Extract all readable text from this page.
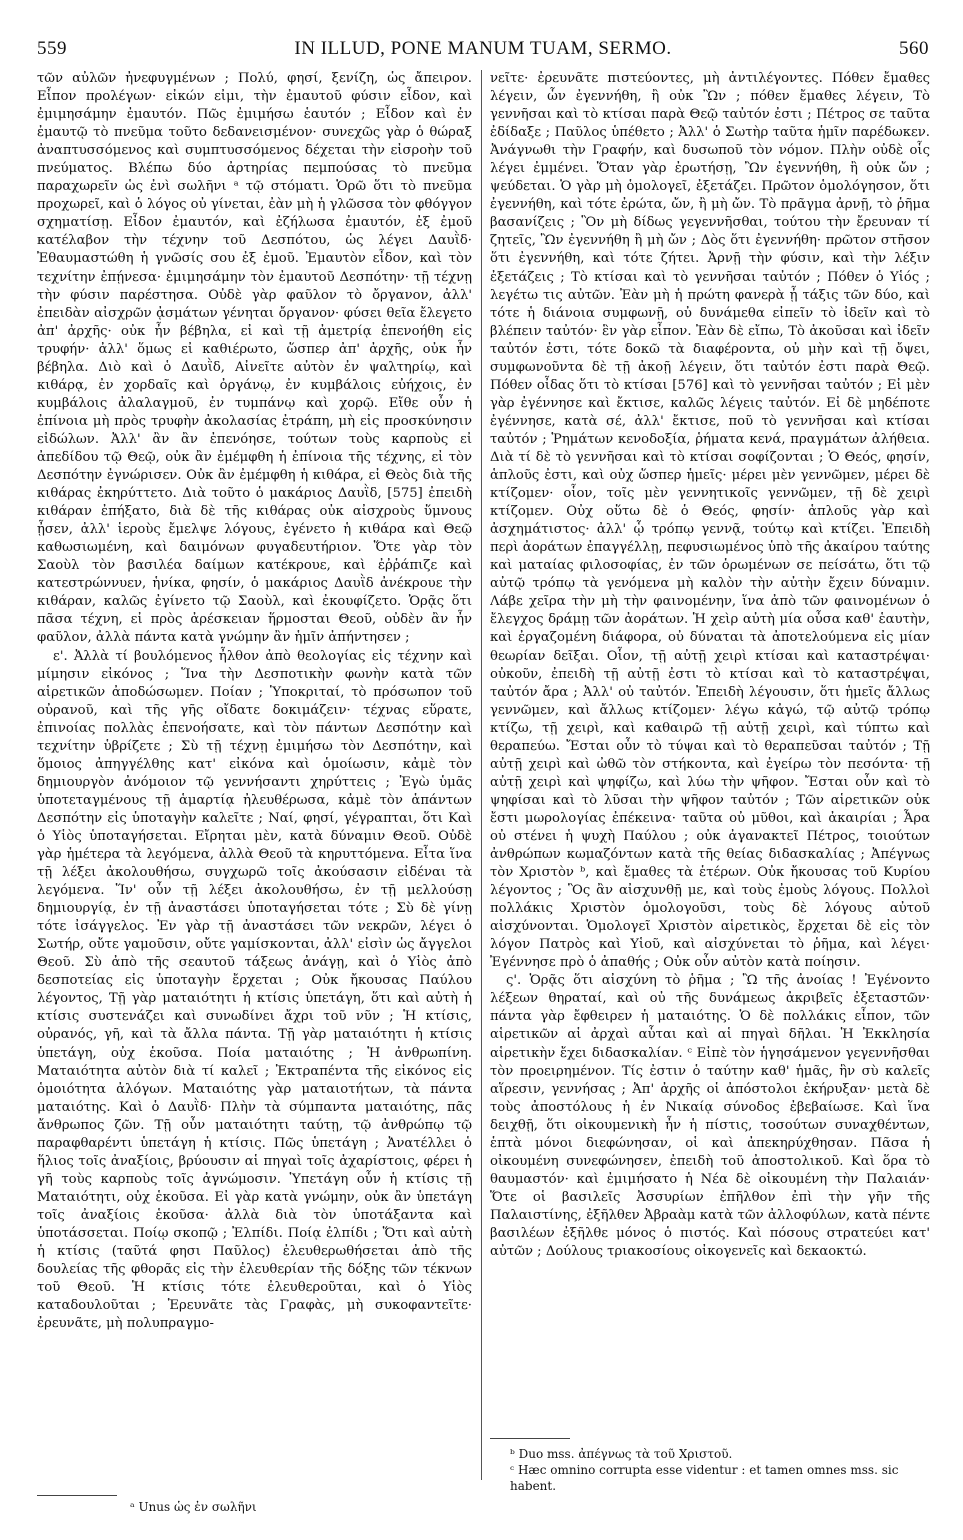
559	IN ILLUD, PONE MANUM TUAM, SERMO.	560

τῶν αὐλῶν ἠνεφυγμένων ; Πολύ, φησί, ξενίζη, ὡς ἄπειρον. Εἶπον προλέγων· εἰκών εἰμι, τὴν ἐμαυτοῦ φύσιν εἶδον, καὶ ἐμιμησάμην ἐμαυτόν. Πῶς ἐμιμήσω ἑαυτόν ; Εἶδον καὶ ἐν ἐμαυτῷ τὸ πνεῦμα τοῦτο δεδανεισμένον· συνεχῶς γὰρ ὁ θώραξ ἀναπτυσσόμενος καὶ συμπτυσσόμενος δέχεται τὴν εἰσροὴν τοῦ πνεύματος. Βλέπω δύο ἀρτηρίας πεμπούσας τὸ πνεῦμα παραχωρεῖν ὡς ἐνὶ σωλῆνι ᵃ τῷ στόματι. Ὁρῶ ὅτι τὸ πνεῦμα προχωρεῖ, καὶ ὁ λόγος οὐ γίνεται, ἐὰν μὴ ἡ γλῶσσα τὸν φθόγγον σχηματίσῃ. Εἶδον ἐμαυτόν, καὶ ἐζήλωσα ἐμαυτόν, ἐξ ἐμοῦ κατέλαβον τὴν τέχνην τοῦ Δεσπότου, ὡς λέγει Δαυῒδ· Ἐθαυμαστώθη ἡ γνῶσίς σου ἐξ ἐμοῦ. Ἐμαυτὸν εἶδον, καὶ τὸν τεχνίτην ἐπῄνεσα· ἐμιμησάμην τὸν ἐμαυτοῦ Δεσπότην· τῇ τέχνῃ τὴν φύσιν παρέστησα. Οὐδὲ γὰρ φαῦλον τὸ ὄργανον, ἀλλ' ἐπειδὰν αἰσχρῶν ᾀσμάτων γένηται ὄργανον· φύσει θεῖα ἔλεγετο ἀπ' ἀρχῆς· οὐκ ἦν βέβηλα, εἰ καὶ τῇ ἀμετρίᾳ ἐπενοήθη εἰς τρυφήν· ἀλλ' ὅμως εἰ καθιέρωτο, ὥσπερ ἀπ' ἀρχῆς, οὐκ ἦν βέβηλα. Διὸ καὶ ὁ Δαυῒδ, Αἰνεῖτε αὐτὸν ἐν ψαλτηρίῳ, καὶ κιθάρᾳ, ἐν χορδαῖς καὶ ὀργάνῳ, ἐν κυμβάλοις εὐήχοις, ἐν κυμβάλοις ἀλαλαγμοῦ, ἐν τυμπάνῳ καὶ χορῷ. Εἴθε οὖν ἡ ἐπίνοια μὴ πρὸς τρυφὴν ἀκολασίας ἐτράπη, μὴ εἰς προσκύνησιν εἰδώλων. Ἀλλ' ἂν ἂν ἐπενόησε, τούτων τοὺς καρποὺς εἰ ἀπεδίδου τῷ Θεῷ, οὐκ ἂν ἐμέμφθη ἡ ἐπίνοια τῆς τέχνης, εἰ τὸν Δεσπότην ἐγνώρισεν. Οὐκ ἂν ἐμέμφθη ἡ κιθάρα, εἰ Θεὸς διὰ τῆς κιθάρας ἐκηρύττετο. Διὰ τοῦτο ὁ μακάριος Δαυῒδ, [575] ἐπειδὴ κιθάραν ἐπήξατο, διὰ δὲ τῆς κιθάρας οὐκ αἰσχροὺς ὕμνους ᾖσεν, ἀλλ' ἱεροὺς ἔμελψε λόγους, ἐγένετο ἡ κιθάρα καὶ Θεῷ καθωσιωμένη, καὶ δαιμόνων φυγαδευτήριον. Ὅτε γὰρ τὸν Σαοὺλ τὸν βασιλέα δαίμων κατέκρουε, καὶ ἐῤῥάπιζε καὶ κατεστρώννυεν, ἡνίκα, φησίν, ὁ μακάριος Δαυῒδ ἀνέκρουε τὴν κιθάραν, καλῶς ἐγίνετο τῷ Σαοὺλ, καὶ ἐκουφίζετο. Ὁρᾷς ὅτι πᾶσα τέχνη, εἰ πρὸς ἀρέσκειαν ἥρμοσται Θεοῦ, οὐδὲν ἂν ἦν φαῦλον, ἀλλὰ πάντα κατὰ γνώμην ἂν ἡμῖν ἀπήντησεν ;

ε'. Ἀλλὰ τί βουλόμενος ἦλθον ἀπὸ θεολογίας εἰς τέχνην καὶ μίμησιν εἰκόνος ; Ἵνα τὴν Δεσποτικὴν φωνὴν κατὰ τῶν αἱρετικῶν ἀποδώσωμεν. Ποίαν ; Ὑποκριταί, τὸ πρόσωπον τοῦ οὐρανοῦ, καὶ τῆς γῆς οἴδατε δοκιμάζειν· τέχνας εὕρατε, ἐπινοίας πολλὰς ἐπενοήσατε, καὶ τὸν πάντων Δεσπότην καὶ τεχνίτην ὑβρίζετε ; Σὺ τῇ τέχνῃ ἐμιμήσω τὸν Δεσπότην, καὶ ὅμοιος ἀπηγγέλθης κατ' εἰκόνα καὶ ὁμοίωσιν, κἀμὲ τὸν δημιουργὸν ἀνόμοιον τῷ γεννήσαντι χηρύττεις ; Ἐγὼ ὑμᾶς ὑποτεταγμένους τῇ ἁμαρτίᾳ ἠλευθέρωσα, κἀμὲ τὸν ἁπάντων Δεσπότην εἰς ὑποταγὴν καλεῖτε ; Ναί, φησί, γέγραπται, ὅτι Καὶ ὁ Υἱὸς ὑποταγήσεται. Εἴρηται μὲν, κατὰ δύναμιν Θεοῦ. Οὐδὲ γὰρ ἡμέτερα τὰ λεγόμενα, ἀλλὰ Θεοῦ τὰ κηρυττόμενα. Εἶτα ἵνα τῇ λέξει ἀκολουθήσω, συγχωρῶ τοῖς ἀκούσασιν εἰδέναι τὰ λεγόμενα. Ἵν' οὖν τῇ λέξει ἀκολουθήσω, ἐν τῇ μελλούσῃ δημιουργίᾳ, ἐν τῇ ἀναστάσει ὑποταγήσεται τότε ; Σὺ δὲ γίνῃ τότε ἰσάγγελος. Ἐν γὰρ τῇ ἀναστάσει τῶν νεκρῶν, λέγει ὁ Σωτήρ, οὔτε γαμοῦσιν, οὔτε γαμίσκονται, ἀλλ' εἰσὶν ὡς ἄγγελοι Θεοῦ. Σὺ ἀπὸ τῆς σεαυτοῦ τάξεως ἀνάγῃ, καὶ ὁ Υἱὸς ἀπὸ δεσποτείας εἰς ὑποταγὴν ἔρχεται ; Οὐκ ἤκουσας Παύλου λέγοντος, Τῇ γὰρ ματαιότητι ἡ κτίσις ὑπετάγη, ὅτι καὶ αὐτὴ ἡ κτίσις συστενάζει καὶ συνωδίνει ἄχρι τοῦ νῦν ; Ἡ κτίσις, οὐρανός, γῆ, καὶ τὰ ἄλλα πάντα. Τῇ γὰρ ματαιότητι ἡ κτίσις ὑπετάγη, οὐχ ἑκοῦσα. Ποία ματαιότης ; Ἡ ἀνθρωπίνη. Ματαιότητα αὐτὸν διὰ τί καλεῖ ; Ἐκτραπέντα τῆς εἰκόνος εἰς ὁμοιότητα ἀλόγων. Ματαιότης γὰρ ματαιοτήτων, τὰ πάντα ματαιότης. Καὶ ὁ Δαυῒδ· Πλὴν τὰ σύμπαντα ματαιότης, πᾶς ἄνθρωπος ζῶν. Τῇ οὖν ματαιότητι ταύτῃ, τῷ ἀνθρώπῳ τῷ παραφθαρέντι ὑπετάγη ἡ κτίσις. Πῶς ὑπετάγη ; Ἀνατέλλει ὁ ἥλιος τοῖς ἀναξίοις, βρύουσιν αἱ πηγαὶ τοῖς ἀχαρίστοις, φέρει ἡ γῆ τοὺς καρποὺς τοῖς ἀγνώμοσιν. Ὑπετάγη οὖν ἡ κτίσις τῇ Ματαιότητι, οὐχ ἑκοῦσα. Εἰ γὰρ κατὰ γνώμην, οὐκ ἂν ὑπετάγη τοῖς ἀναξίοις ἑκοῦσα· ἀλλὰ διὰ τὸν ὑποτάξαντα καὶ ὑποτάσσεται. Ποίῳ σκοπῷ ; Ἐλπίδι. Ποίᾳ ἐλπίδι ; Ὅτι καὶ αὐτὴ ἡ κτίσις (ταῦτά φησι Παῦλος) ἐλευθερωθήσεται ἀπὸ τῆς δουλείας τῆς φθορᾶς εἰς τὴν ἐλευθερίαν τῆς δόξης τῶν τέκνων τοῦ Θεοῦ. Ἡ κτίσις τότε ἐλευθεροῦται, καὶ ὁ Υἱὸς καταδουλοῦται ; Ἐρευνᾶτε τὰς Γραφὰς, μὴ συκοφαντεῖτε· ἐρευνᾶτε, μὴ πολυπραγμο-

νεῖτε· ἐρευνᾶτε πιστεύοντες, μὴ ἀντιλέγοντες. Πόθεν ἔμαθες λέγειν, ὧν ἐγεννήθη, ἢ οὐκ Ὢν ; πόθεν ἔμαθες λέγειν, Τὸ γεννῆσαι καὶ τὸ κτίσαι παρὰ Θεῷ ταὐτόν ἐστι ; Πέτρος σε ταῦτα ἐδίδαξε ; Παῦλος ὑπέθετο ; Ἀλλ' ὁ Σωτὴρ ταῦτα ἡμῖν παρέδωκεν. Ἀνάγνωθι τὴν Γραφήν, καὶ δυσωποῦ τὸν νόμον. Πλὴν οὐδὲ οἷς λέγει ἐμμένει. Ὅταν γὰρ ἐρωτήσῃ, Ὢν ἐγεννήθη, ἢ οὐκ ὤν ; ψεύδεται. Ὁ γὰρ μὴ ὁμολογεῖ, ἐξετάζει. Πρῶτον ὁμολόγησον, ὅτι ἐγεννήθη, καὶ τότε ἐρώτα, ὤν, ἢ μὴ ὤν. Τὸ πρᾶγμα ἀρνῇ, τὸ ῥῆμα βασανίζεις ; Ὃν μὴ δίδως γεγεννῆσθαι, τούτου τὴν ἔρευναν τί ζητεῖς, Ὢν ἐγεννήθη ἢ μὴ ὤν ; Δὸς ὅτι ἐγεννήθη· πρῶτον στῆσον ὅτι ἐγεννήθη, καὶ τότε ζήτει. Ἀρνῇ τὴν φύσιν, καὶ τὴν λέξιν ἐξετάζεις ; Τὸ κτίσαι καὶ τὸ γεννῆσαι ταὐτόν ; Πόθεν ὁ Υἱός ; λεγέτω τις αὐτῶν. Ἐὰν μὴ ἡ πρώτη φανερὰ ᾖ τάξις τῶν δύο, καὶ τότε ἡ διάνοια συμφωνῇ, οὐ δυνάμεθα εἰπεῖν τὸ ἰδεῖν καὶ τὸ βλέπειν ταὐτόν· ἓν γὰρ εἶπον. Ἐὰν δὲ εἴπω, Τὸ ἀκοῦσαι καὶ ἰδεῖν ταὐτόν ἐστι, τότε δοκῶ τὰ διαφέροντα, οὐ μὴν καὶ τῇ ὄψει, συμφωνοῦντα δὲ τῇ ἀκοῇ λέγειν, ὅτι ταὐτόν ἐστι παρὰ Θεῷ. Πόθεν οἶδας ὅτι τὸ κτίσαι [576] καὶ τὸ γεννῆσαι ταὐτόν ; Εἰ μὲν γὰρ ἐγέννησε καὶ ἔκτισε, καλῶς λέγεις ταὐτόν. Εἰ δὲ μηδέποτε ἐγέννησε, κατὰ σέ, ἀλλ' ἔκτισε, ποῦ τὸ γεννῆσαι καὶ κτίσαι ταὐτόν ; Ῥημάτων κενοδοξία, ῥήματα κενά, πραγμάτων ἀλήθεια. Διὰ τί δὲ τὸ γεννῆσαι καὶ τὸ κτίσαι σοφίζονται ; Ὁ Θεός, φησίν, ἁπλοῦς ἐστι, καὶ οὐχ ὥσπερ ἡμεῖς· μέρει μὲν γεννῶμεν, μέρει δὲ κτίζομεν· οἷον, τοῖς μὲν γεννητικοῖς γεννῶμεν, τῇ δὲ χειρὶ κτίζομεν. Οὐχ οὕτω δὲ ὁ Θεός, φησίν· ἁπλοῦς γὰρ καὶ ἀσχημάτιστος· ἀλλ' ᾧ τρόπῳ γεννᾷ, τούτῳ καὶ κτίζει. Ἐπειδὴ περὶ ἀοράτων ἐπαγγέλλῃ, πεφυσιωμένος ὑπὸ τῆς ἀκαίρου ταύτης καὶ ματαίας φιλοσοφίας, ἐν τῶν ὁρωμένων σε πείσάτω, ὅτι τῷ αὐτῷ τρόπῳ τὰ γενόμενα μὴ καλὸν τὴν αὐτὴν ἔχειν δύναμιν. Λάβε χεῖρα τὴν μὴ τὴν φαινομένην, ἵνα ἀπὸ τῶν φαινομένων ὁ ἔλεγχος δράμῃ τῶν ἀοράτων. Ἡ χεὶρ αὐτὴ μία οὖσα καθ' ἑαυτὴν, καὶ ἐργαζομένη διάφορα, οὐ δύναται τὰ ἀποτελούμενα εἰς μίαν θεωρίαν δεῖξαι. Οἷον, τῇ αὐτῇ χειρὶ κτίσαι καὶ καταστρέψαι· οὐκοῦν, ἐπειδὴ τῇ αὐτῇ ἐστι τὸ κτίσαι καὶ τὸ καταστρέψαι, ταὐτόν ἄρα ; Ἀλλ' οὐ ταὐτόν. Ἐπειδὴ λέγουσιν, ὅτι ἡμεῖς ἄλλως γεννῶμεν, καὶ ἄλλως κτίζομεν· λέγω κἀγώ, τῷ αὐτῷ τρόπῳ κτίζω, τῇ χειρὶ, καὶ καθαιρῶ τῇ αὐτῇ χειρὶ, καὶ τύπτω καὶ θεραπεύω. Ἔσται οὖν τὸ τύψαι καὶ τὸ θεραπεῦσαι ταὐτόν ; Τῇ αὐτῇ χειρὶ καὶ ὠθῶ τὸν στήκοντα, καὶ ἐγείρω τὸν πεσόντα· τῇ αὐτῇ χειρὶ καὶ ψηφίζω, καὶ λύω τὴν ψῆφον. Ἔσται οὖν καὶ τὸ ψηφίσαι καὶ τὸ λῦσαι τὴν ψῆφον ταὐτόν ; Τῶν αἱρετικῶν οὐκ ἔστι μωρολογίας ἐπέκεινα· ταῦτα οὐ μῦθοι, καὶ ἀκαιρίαι ; Ἆρα οὐ στένει ἡ ψυχὴ Παύλου ; οὐκ ἀγανακτεῖ Πέτρος, τοιούτων ἀνθρώπων κωμαζόντων κατὰ τῆς θείας διδασκαλίας ; Ἀπέγνως τὸν Χριστὸν ᵇ, καὶ ἔμαθες τὰ ἑτέρων. Οὐκ ἤκουσας τοῦ Κυρίου λέγοντος ; Ὃς ἂν αἰσχυνθῇ με, καὶ τοὺς ἐμοὺς λόγους. Πολλοὶ πολλάκις Χριστὸν ὁμολογοῦσι, τοὺς δὲ λόγους αὐτοῦ αἰσχύνονται. Ὁμολογεῖ Χριστὸν αἱρετικὸς, ἔρχεται δὲ εἰς τὸν λόγον Πατρὸς καὶ Υἱοῦ, καὶ αἰσχύνεται τὸ ῥῆμα, καὶ λέγει· Ἐγέννησε πρὸ ὁ ἀπαθής ; Οὐκ οὖν αὐτὸν κατὰ ποίησιν.

ς'. Ὁρᾷς ὅτι αἰσχύνη τὸ ῥῆμα ; Ὢ τῆς ἀνοίας ! Ἐγένοντο λέξεων θηραταί, καὶ οὐ τῆς δυνάμεως ἀκριβεῖς ἐξεταστῶν· πάντα γὰρ ἔφθειρεν ἡ ματαιότης. Ὁ δὲ πολλάκις εἶπον, τῶν αἱρετικῶν αἱ ἀρχαὶ αὗται καὶ αἱ πηγαὶ δῆλαι. Ἡ Ἐκκλησία αἱρετικὴν ἔχει διδασκαλίαν. ᶜ Εἰπὲ τὸν ἡγησάμενον γεγεννῆσθαι τὸν προειρημένον. Τίς ἐστιν ὁ ταύτην καθ' ἡμᾶς, ἣν σὺ καλεῖς αἵρεσιν, γεννήσας ; Ἀπ' ἀρχῆς οἱ ἀπόστολοι ἐκήρυξαν· μετὰ δὲ τοὺς ἀποστόλους ἡ ἐν Νικαίᾳ σύνοδος ἐβεβαίωσε. Καὶ ἵνα δειχθῇ, ὅτι οἰκουμενικὴ ἦν ἡ πίστις, τοσούτων συναχθέντων, ἑπτὰ μόνοι διεφώνησαν, οἱ καὶ ἀπεκηρύχθησαν. Πᾶσα ἡ οἰκουμένη συνεφώνησεν, ἐπειδὴ τοῦ ἀποστολικοῦ. Καὶ ὅρα τὸ θαυμαστόν· καὶ ἐμιμήσατο ἡ Νέα δὲ οἰκουμένη τὴν Παλαιάν· Ὅτε οἱ βασιλεῖς Ἀσσυρίων ἐπῆλθον ἐπὶ τὴν γῆν τῆς Παλαιστίνης, ἐξῆλθεν Ἀβραὰμ κατὰ τῶν ἀλλοφύλων, κατὰ πέντε βασιλέων ἐξῆλθε μόνος ὁ πιστός. Καὶ πόσους στρατεύει κατ' αὐτῶν ; Δούλους τριακοσίους οἰκογενεῖς καὶ δεκαοκτώ.

ᵃ Unus ὡς ἐν σωλῆνι
ᵇ Duo mss. ἀπέγνως τὰ τοῦ Χριστοῦ.
ᶜ Hæc omnino corrupta esse videntur : et tamen omnes mss. sic habent.
